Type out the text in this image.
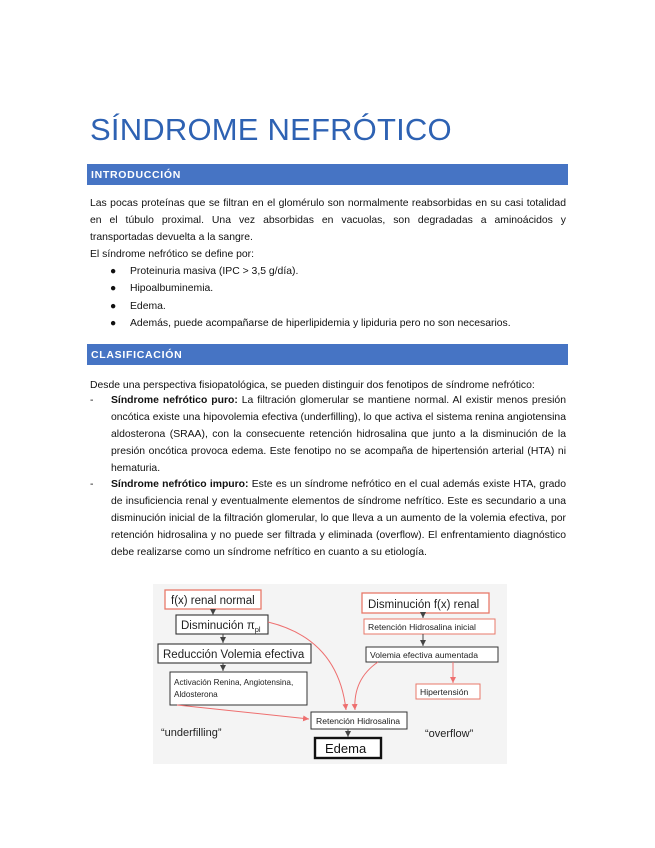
SÍNDROME NEFRÓTICO
INTRODUCCIÓN

Las pocas proteínas que se filtran en el glomérulo son normalmente reabsorbidas en su casi totalidad en el túbulo proximal. Una vez absorbidas en vacuolas, son degradadas a aminoácidos y transportadas devuelta a la sangre.

El síndrome nefrótico se define por:

● Proteinuria masiva (IPC > 3,5 g/día).
● Hipoalbuminemia.
● Edema.
● Además, puede acompañarse de hiperlipidemia y lipiduria pero no son necesarios.
CLASIFICACIÓN

Desde una perspectiva fisiopatológica, se pueden distinguir dos fenotipos de síndrome nefrótico:

- Síndrome nefrótico puro: La filtración glomerular se mantiene normal. Al existir menos presión oncótica existe una hipovolemia efectiva (underfilling), lo que activa el sistema renina angiotensina aldosterona (SRAA), con la consecuente retención hidrosalina que junto a la disminución de la presión oncótica provoca edema. Este fenotipo no se acompaña de hipertensión arterial (HTA) ni hematuria.
- Síndrome nefrótico impuro: Este es un síndrome nefrótico en el cual además existe HTA, grado de insuficiencia renal y eventualmente elementos de síndrome nefrítico. Este es secundario a una disminución inicial de la filtración glomerular, lo que lleva a un aumento de la volemia efectiva, por retención hidrosalina y no puede ser filtrada y eliminada (overflow). El enfrentamiento diagnóstico debe realizarse como un síndrome nefrítico en cuanto a su etiología.
f(x) renal normal
Disminución $\pi_{pl}$
Reducción Volemia efectiva
Activación Renina, Angiotensina,
Aldosterona
“underfilling”
Retención Hidrosalina
Edema
Disminución f(x) renal
Retención Hidrosalina inicial
Volemia efectiva aumentada
Hipertensión
“overflow”
